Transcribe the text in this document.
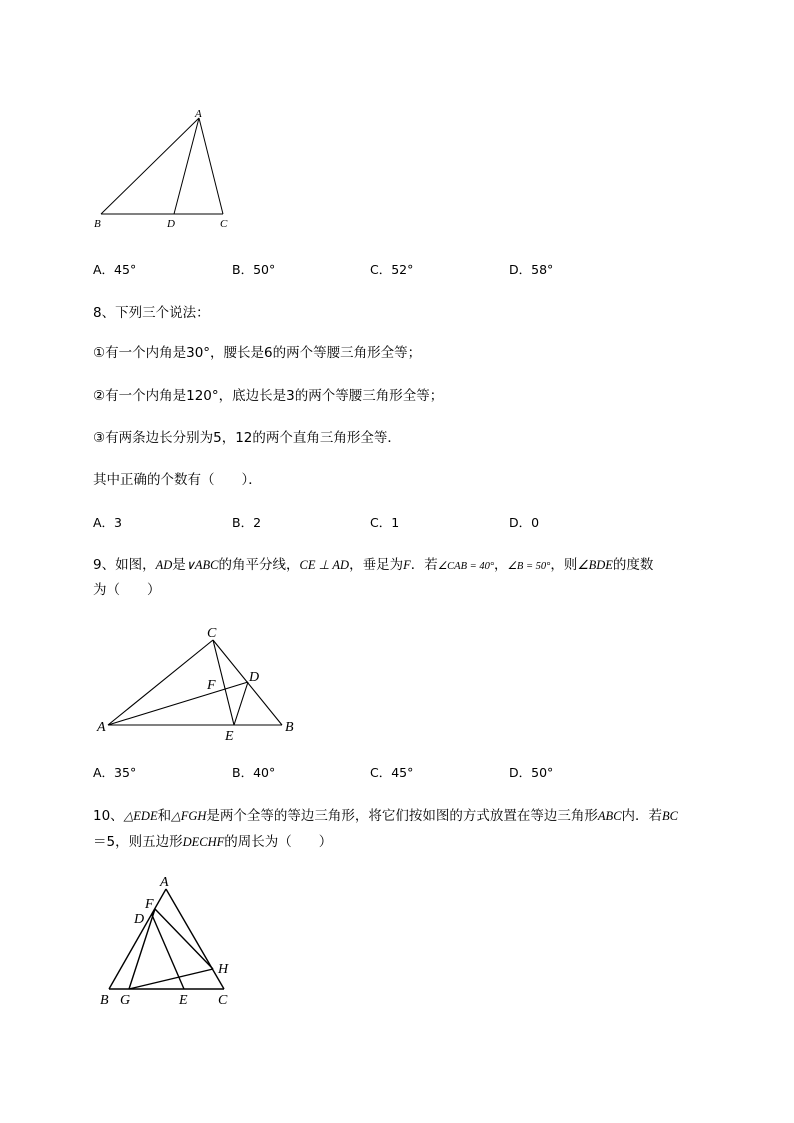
A
B	D	C
A．45°	B．50°	C．52°	D．58°
8、下列三个说法：
①有一个内角是30°，腰长是6的两个等腰三角形全等；
②有一个内角是120°，底边长是3的两个等腰三角形全等；
③有两条边长分别为5，12的两个直角三角形全等．
其中正确的个数有（　　）．
A．3	B．2	C．1	D．0
9、如图，AD是∨ABC的角平分线，CE ⊥ AD，垂足为F．若∠CAB = 40°，∠B = 50°，则∠BDE的度数
为（　　）
C
D
F
A
E
B
A．35°	B．40°	C．45°	D．50°
10、△EDE和△FGH是两个全等的等边三角形，将它们按如图的方式放置在等边三角形ABC内．若BC
＝5，则五边形DECHF的周长为（　　）
A
F
D
H
B G	E C
